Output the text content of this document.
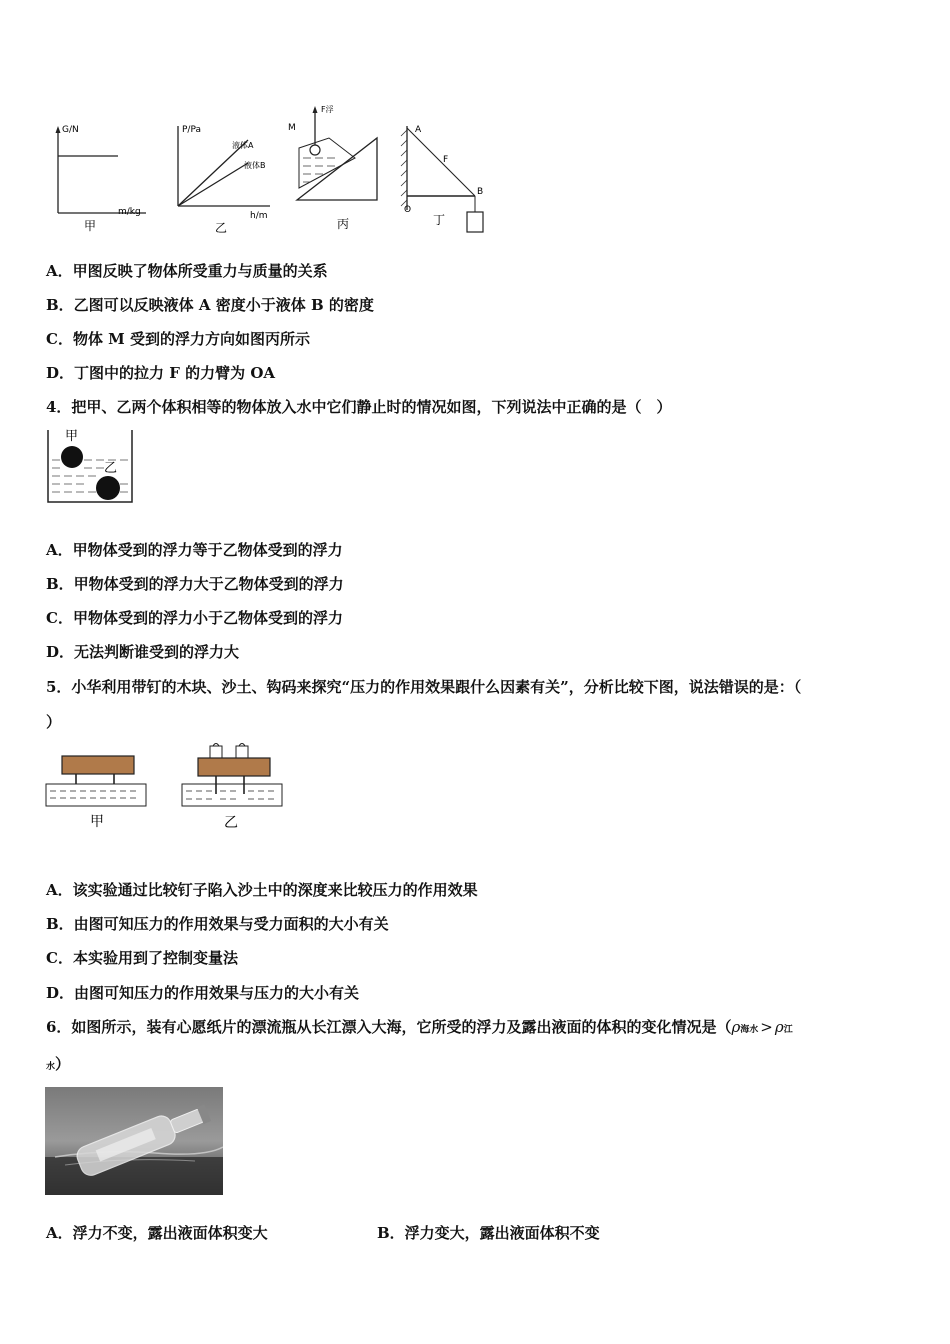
G/N
m/kg
甲
P/Pa
液体A
液体B
h/m
乙
F浮
M
丙
A
B
O
F
丁
A．甲图反映了物体所受重力与质量的关系
B．乙图可以反映液体 A 密度小于液体 B 的密度
C．物体 M 受到的浮力方向如图丙所示
D．丁图中的拉力 F 的力臂为 OA
4．把甲、乙两个体积相等的物体放入水中它们静止时的情况如图，下列说法中正确的是（　）
甲
乙
A．甲物体受到的浮力等于乙物体受到的浮力
B．甲物体受到的浮力大于乙物体受到的浮力
C．甲物体受到的浮力小于乙物体受到的浮力
D．无法判断谁受到的浮力大
5．小华利用带钉的木块、沙土、钩码来探究“压力的作用效果跟什么因素有关”，分析比较下图，说法错误的是：（
）
甲	乙
A．该实验通过比较钉子陷入沙土中的深度来比较压力的作用效果
B．由图可知压力的作用效果与受力面积的大小有关
C．本实验用到了控制变量法
D．由图可知压力的作用效果与压力的大小有关
6．如图所示，装有心愿纸片的漂流瓶从长江漂入大海，它所受的浮力及露出液面的体积的变化情况是（ρ海水 > ρ江
水）
A．浮力不变，露出液面体积变大	B．浮力变大，露出液面体积不变
